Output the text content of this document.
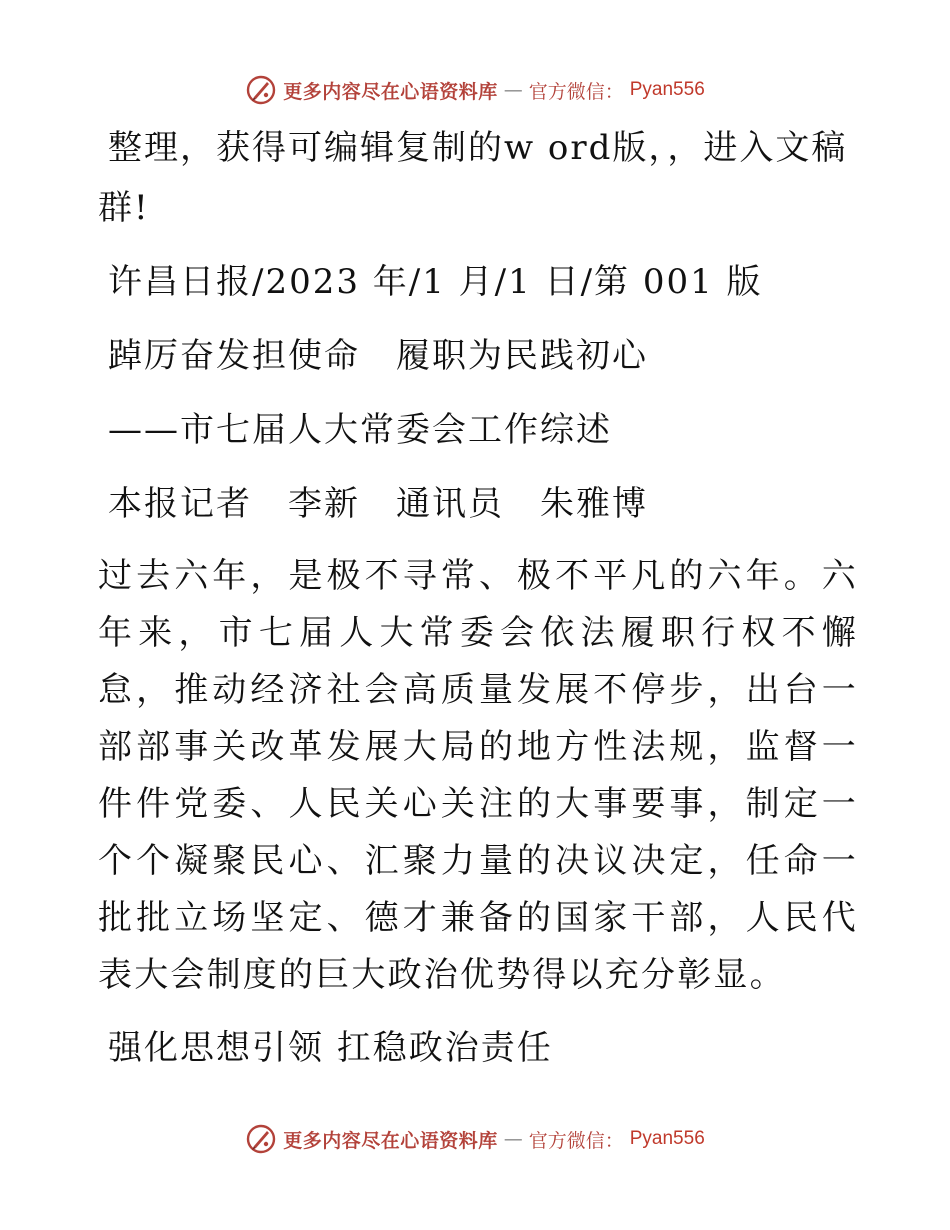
更多内容尽在心语资料库 — 官方微信： Pyan556

整理，获得可编辑复制的w ord版，，进入文稿

群!

许昌日报/2023 年/1 月/1 日/第 001 版

踔厉奋发担使命　履职为民践初心

——市七届人大常委会工作综述

本报记者　李新　通讯员　朱雅博

过去六年，是极不寻常、极不平凡的六年。六年来，市七届人大常委会依法履职行权不懈怠，推动经济社会高质量发展不停步，出台一部部事关改革发展大局的地方性法规，监督一件件党委、人民关心关注的大事要事，制定一个个凝聚民心、汇聚力量的决议决定，任命一批批立场坚定、德才兼备的国家干部，人民代表大会制度的巨大政治优势得以充分彰显。

强化思想引领 扛稳政治责任

更多内容尽在心语资料库 — 官方微信： Pyan556
